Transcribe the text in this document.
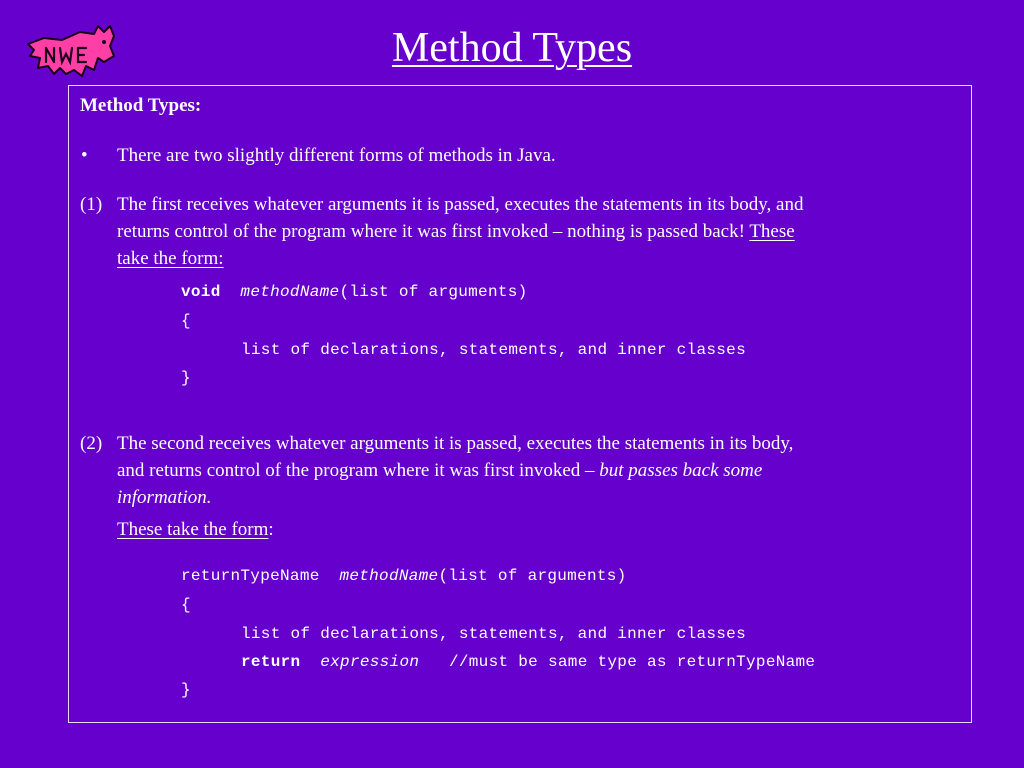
Method Types
Method Types:
• There are two slightly different forms of methods in Java.
(1) The first receives whatever arguments it is passed, executes the statements in its body, and
returns control of the program where it was first invoked – nothing is passed back! These
take the form:
void methodName(list of arguments)
{
list of declarations, statements, and inner classes
}
(2) The second receives whatever arguments it is passed, executes the statements in its body,
and returns control of the program where it was first invoked – but passes back some
information.
These take the form:
returnTypeName methodName(list of arguments)
{
list of declarations, statements, and inner classes
return expression //must be same type as returnTypeName
}
